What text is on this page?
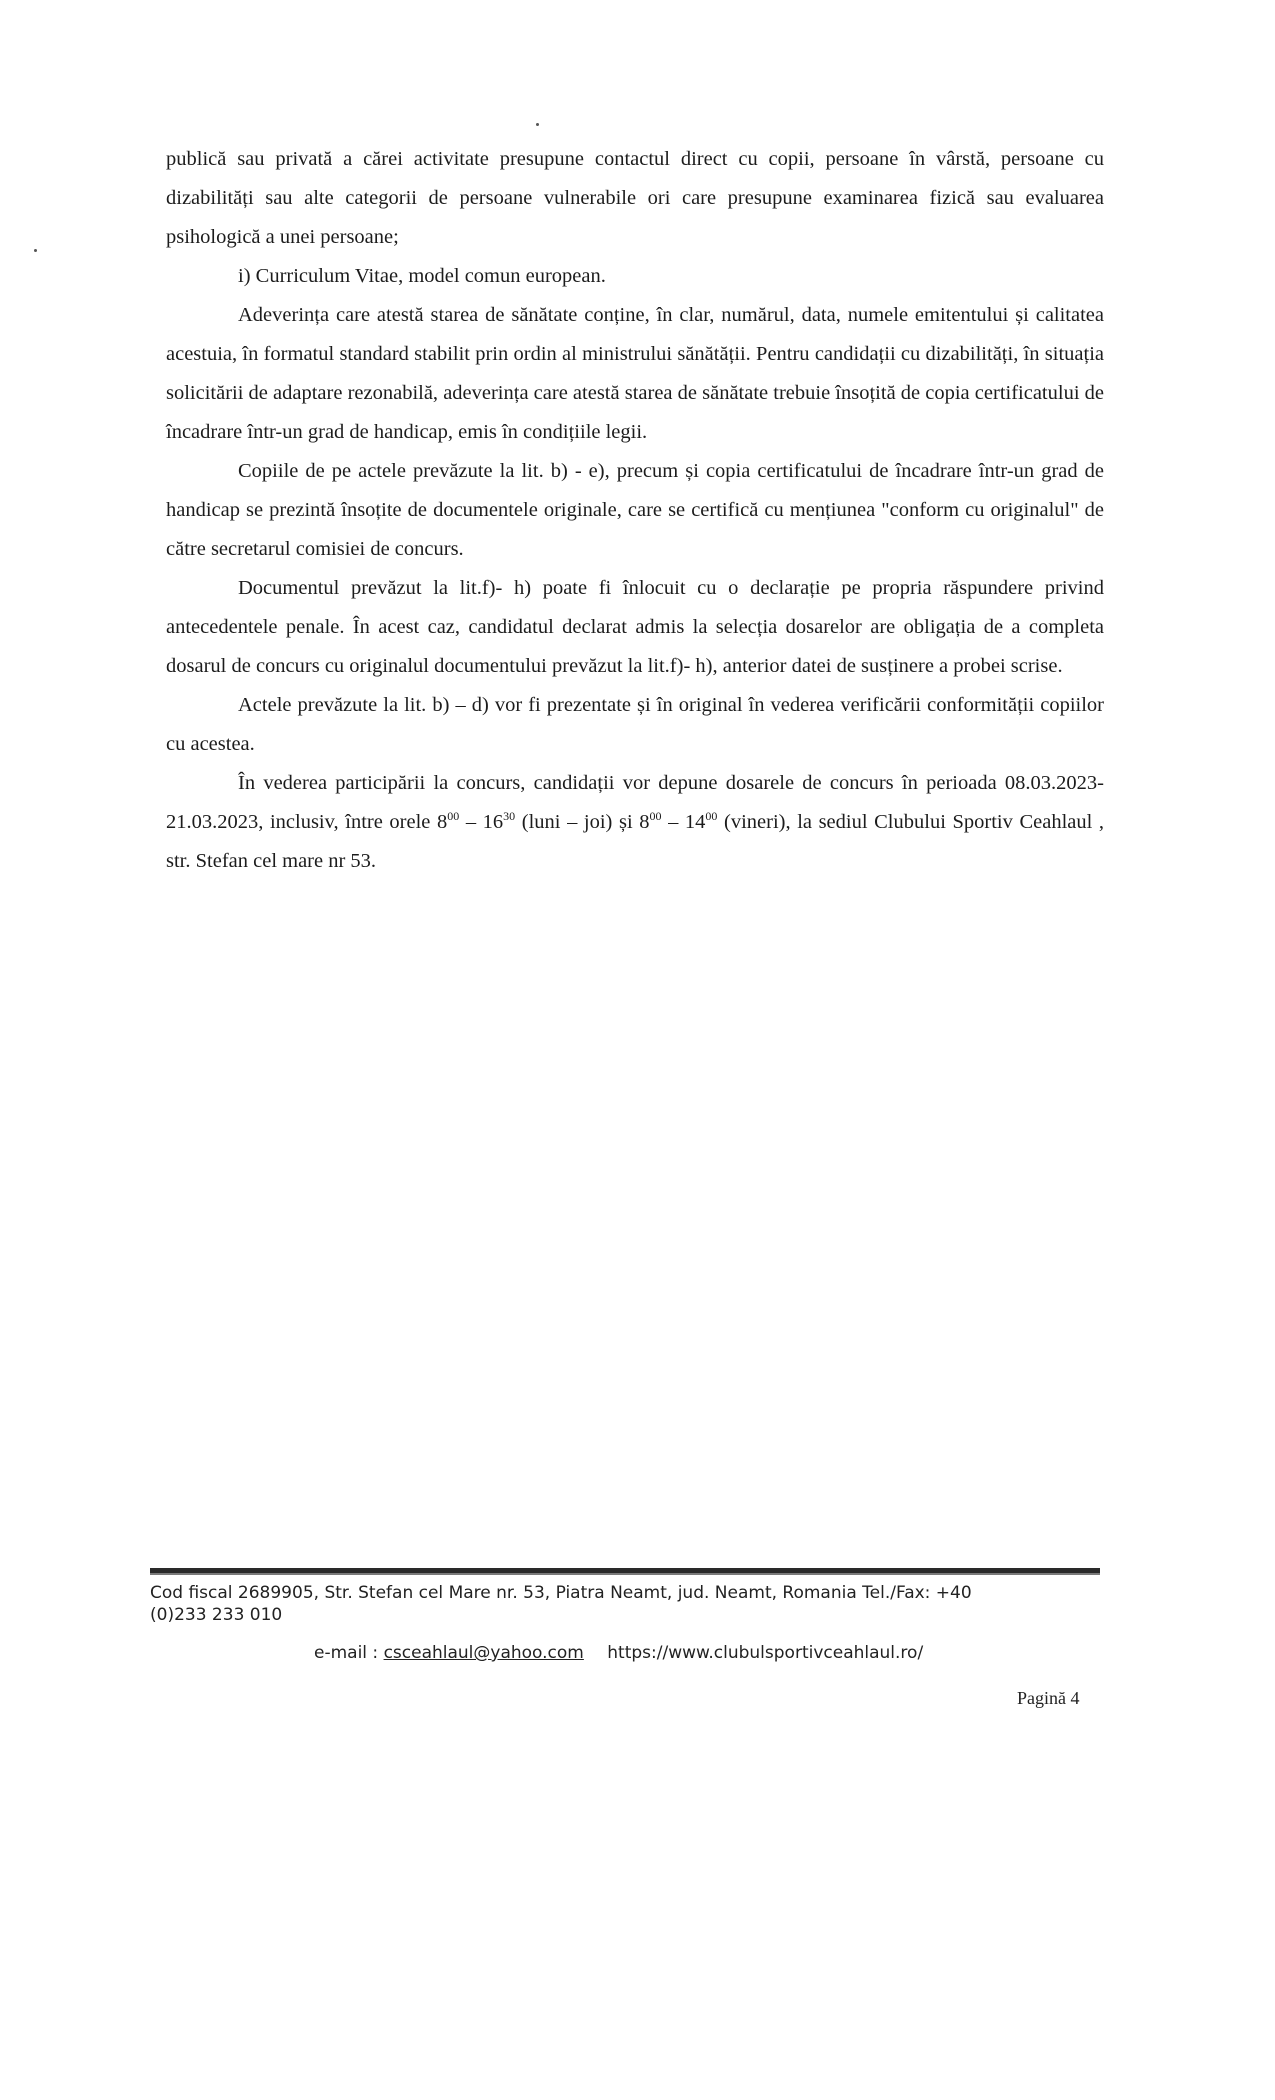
publică sau privată a cărei activitate presupune contactul direct cu copii, persoane în vârstă, persoane cu dizabilități sau alte categorii de persoane vulnerabile ori care presupune examinarea fizică sau evaluarea psihologică a unei persoane;

i) Curriculum Vitae, model comun european.

Adeverința care atestă starea de sănătate conține, în clar, numărul, data, numele emitentului și calitatea acestuia, în formatul standard stabilit prin ordin al ministrului sănătății. Pentru candidații cu dizabilități, în situația solicitării de adaptare rezonabilă, adeverința care atestă starea de sănătate trebuie însoțită de copia certificatului de încadrare într-un grad de handicap, emis în condițiile legii.

Copiile de pe actele prevăzute la lit. b) - e), precum și copia certificatului de încadrare într-un grad de handicap se prezintă însoțite de documentele originale, care se certifică cu mențiunea "conform cu originalul" de către secretarul comisiei de concurs.

Documentul prevăzut la lit.f)- h) poate fi înlocuit cu o declarație pe propria răspundere privind antecedentele penale. În acest caz, candidatul declarat admis la selecția dosarelor are obligația de a completa dosarul de concurs cu originalul documentului prevăzut la lit.f)- h), anterior datei de susținere a probei scrise.

Actele prevăzute la lit. b) – d) vor fi prezentate și în original în vederea verificării conformității copiilor cu acestea.

În vederea participării la concurs, candidații vor depune dosarele de concurs în perioada 08.03.2023-21.03.2023, inclusiv, între orele $8^{00} - 16^{30}$ (luni – joi) și $8^{00} - 14^{00}$ (vineri), la sediul Clubului Sportiv Ceahlaul , str. Stefan cel mare nr 53.

Cod fiscal 2689905, Str. Stefan cel Mare nr. 53, Piatra Neamt, jud. Neamt, Romania Tel./Fax: +40
(0)233 233 010
e-mail : csceahlaul@yahoo.com https://www.clubulsportivceahlaul.ro/
Pagină 4
